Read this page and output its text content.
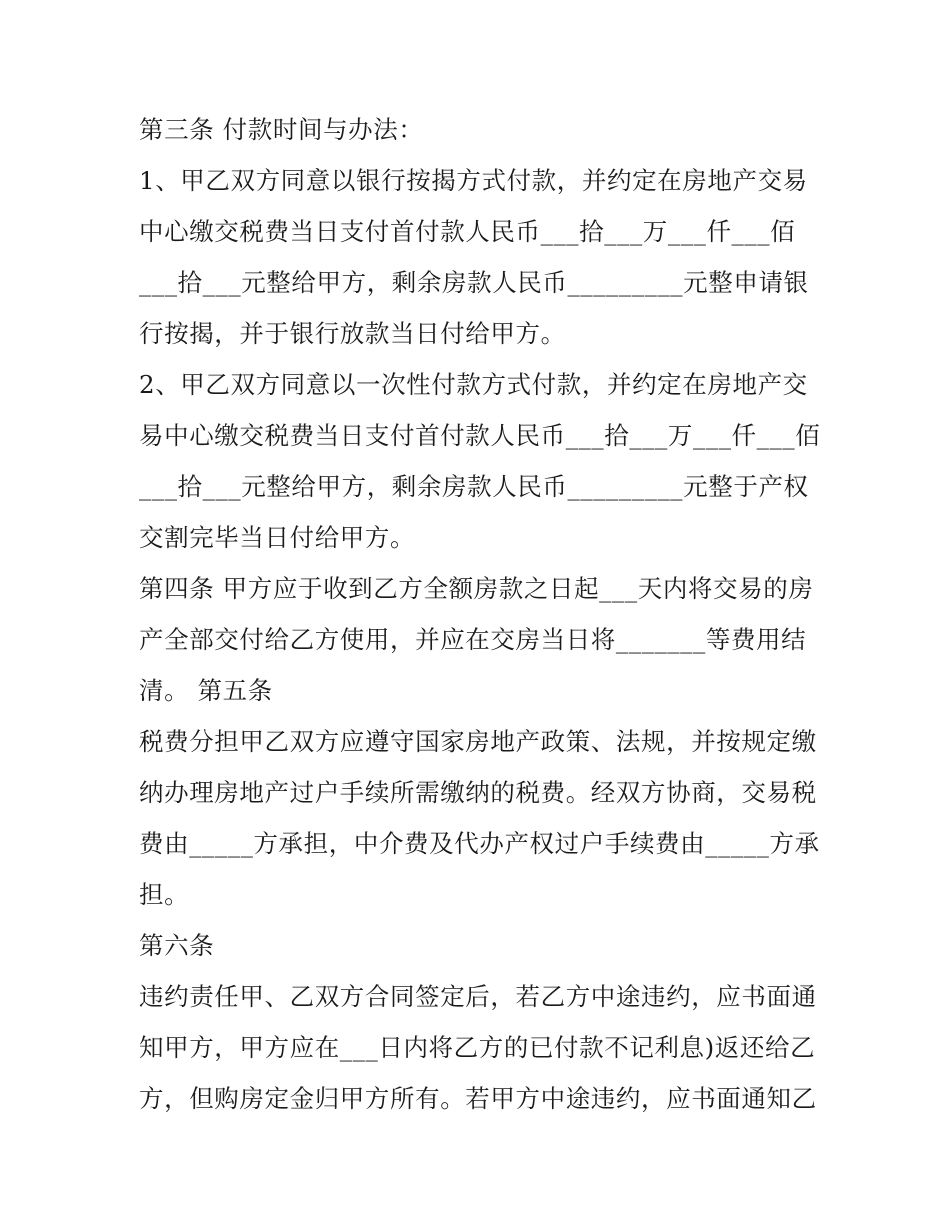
第三条 付款时间与办法：
1、甲乙双方同意以银行按揭方式付款，并约定在房地产交易
中心缴交税费当日支付首付款人民币___拾___万___仟___佰
___拾___元整给甲方，剩余房款人民币_________元整申请银
行按揭，并于银行放款当日付给甲方。
2、甲乙双方同意以一次性付款方式付款，并约定在房地产交
易中心缴交税费当日支付首付款人民币___拾___万___仟___佰
___拾___元整给甲方，剩余房款人民币_________元整于产权
交割完毕当日付给甲方。
第四条 甲方应于收到乙方全额房款之日起___天内将交易的房
产全部交付给乙方使用，并应在交房当日将_______等费用结
清。 第五条
税费分担甲乙双方应遵守国家房地产政策、法规，并按规定缴
纳办理房地产过户手续所需缴纳的税费。经双方协商，交易税
费由_____方承担，中介费及代办产权过户手续费由_____方承
担。
第六条
违约责任甲、乙双方合同签定后，若乙方中途违约，应书面通
知甲方，甲方应在___日内将乙方的已付款不记利息)返还给乙
方，但购房定金归甲方所有。若甲方中途违约，应书面通知乙
